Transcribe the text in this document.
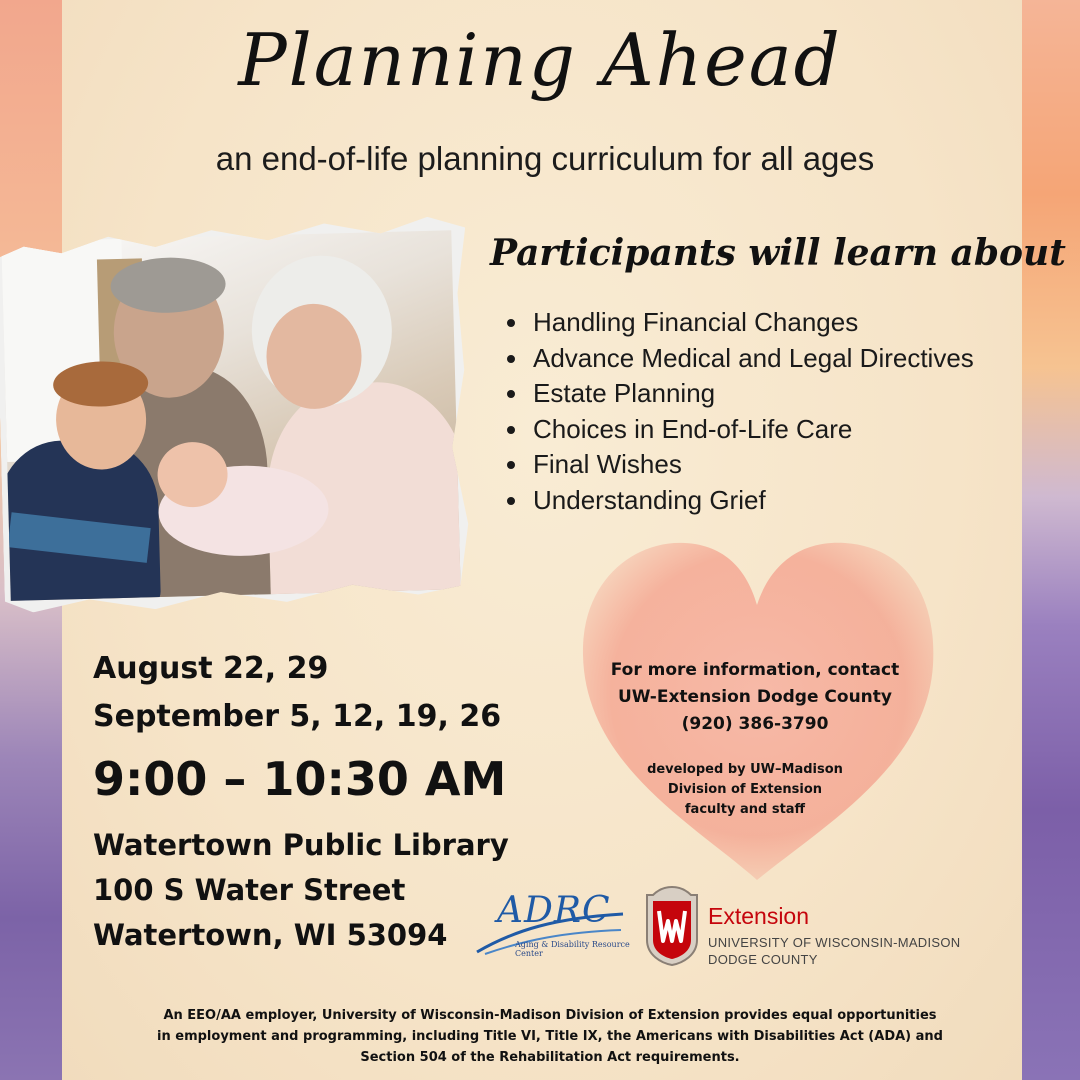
Planning Ahead
an end-of-life planning curriculum for all ages
Participants will learn about
Handling Financial Changes
Advance Medical and Legal Directives
Estate Planning
Choices in End-of-Life Care
Final Wishes
Understanding Grief
August 22, 29
September 5, 12, 19, 26
9:00 – 10:30 AM
Watertown Public Library
100 S Water Street
Watertown, WI 53094
For more information, contact
UW-Extension Dodge County
(920) 386-3790
developed by UW–Madison
Division of Extension
faculty and staff
ADRC
Aging & Disability Resource Center
Extension
UNIVERSITY OF WISCONSIN-MADISON
DODGE COUNTY
An EEO/AA employer, University of Wisconsin-Madison Division of Extension provides equal opportunities
in employment and programming, including Title VI, Title IX, the Americans with Disabilities Act (ADA) and
Section 504 of the Rehabilitation Act requirements.
